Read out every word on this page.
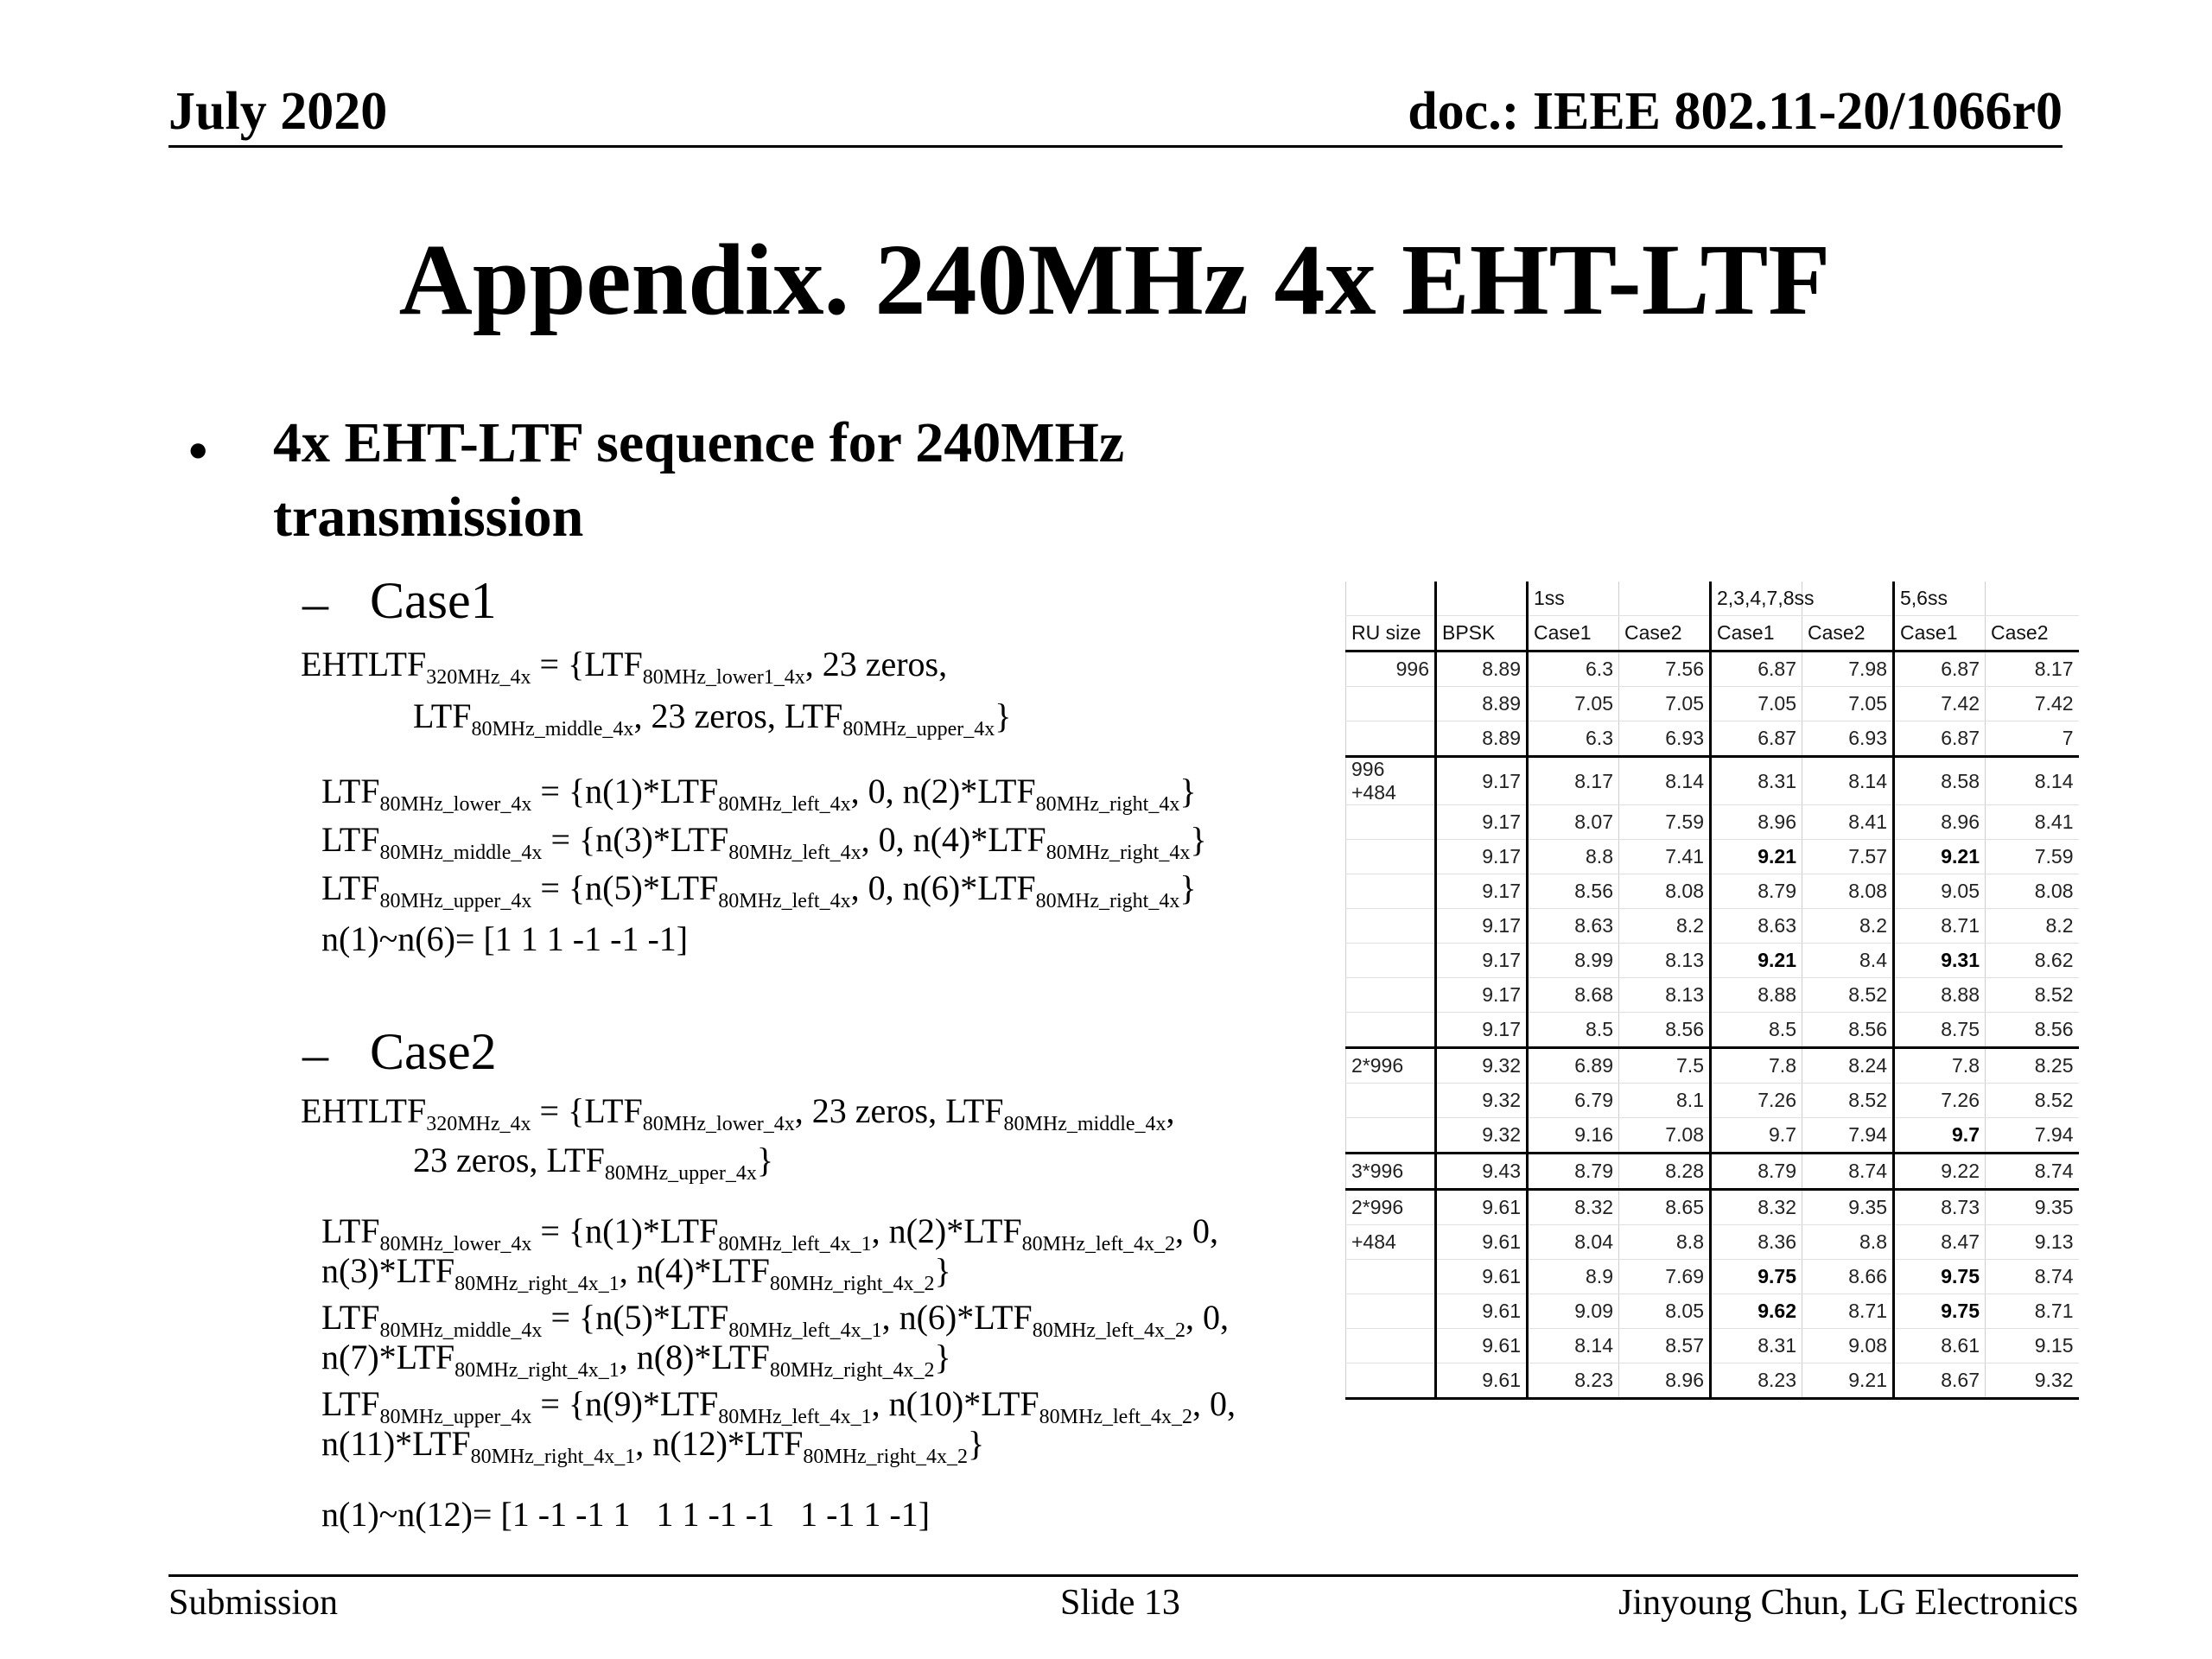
July 2020	doc.: IEEE 802.11-20/1066r0
Appendix. 240MHz 4x EHT-LTF
• 4x EHT-LTF sequence for 240MHz transmission
– Case1
$EHTLTF_{320MHz\_4x} = \{LTF_{80MHz\_lower1\_4x}$, 23 zeros,
$LTF_{80MHz\_middle\_4x}$, 23 zeros, $LTF_{80MHz\_upper\_4x}$}
$LTF_{80MHz\_lower\_4x} = \{n(1)*LTF_{80MHz\_left\_4x}$, 0, $n(2)*LTF_{80MHz\_right\_4x}$}
$LTF_{80MHz\_middle\_4x} = \{n(3)*LTF_{80MHz\_left\_4x}$, 0, $n(4)*LTF_{80MHz\_right\_4x}$}
$LTF_{80MHz\_upper\_4x} = \{n(5)*LTF_{80MHz\_left\_4x}$, 0, $n(6)*LTF_{80MHz\_right\_4x}$}
n(1)~n(6)= [1 1 1 -1 -1 -1]
– Case2
$EHTLTF_{320MHz\_4x} = \{LTF_{80MHz\_lower\_4x}$, 23 zeros, $LTF_{80MHz\_middle\_4x}$,
23 zeros, $LTF_{80MHz\_upper\_4x}$}
$LTF_{80MHz\_lower\_4x} = \{n(1)*LTF_{80MHz\_left\_4x\_1}$, $n(2)*LTF_{80MHz\_left\_4x\_2}$, 0,
$n(3)*LTF_{80MHz\_right\_4x\_1}$, $n(4)*LTF_{80MHz\_right\_4x\_2}$}
$LTF_{80MHz\_middle\_4x} = \{n(5)*LTF_{80MHz\_left\_4x\_1}$, $n(6)*LTF_{80MHz\_left\_4x\_2}$, 0,
$n(7)*LTF_{80MHz\_right\_4x\_1}$, $n(8)*LTF_{80MHz\_right\_4x\_2}$}
$LTF_{80MHz\_upper\_4x} = \{n(9)*LTF_{80MHz\_left\_4x\_1}$, $n(10)*LTF_{80MHz\_left\_4x\_2}$, 0,
$n(11)*LTF_{80MHz\_right\_4x\_1}$, $n(12)*LTF_{80MHz\_right\_4x\_2}$}
n(1)~n(12)= [1 -1 -1 1   1 1 -1 -1   1 -1 1 -1]
		1ss		2,3,4,7,8ss		5,6ss	
RU size	BPSK	Case1	Case2	Case1	Case2	Case1	Case2
996	8.89	6.3	7.56	6.87	7.98	6.87	8.17
	8.89	7.05	7.05	7.05	7.05	7.42	7.42
	8.89	6.3	6.93	6.87	6.93	6.87	7
996 +484	9.17	8.17	8.14	8.31	8.14	8.58	8.14
	9.17	8.07	7.59	8.96	8.41	8.96	8.41
	9.17	8.8	7.41	9.21	7.57	9.21	7.59
	9.17	8.56	8.08	8.79	8.08	9.05	8.08
	9.17	8.63	8.2	8.63	8.2	8.71	8.2
	9.17	8.99	8.13	9.21	8.4	9.31	8.62
	9.17	8.68	8.13	8.88	8.52	8.88	8.52
	9.17	8.5	8.56	8.5	8.56	8.75	8.56
2*996	9.32	6.89	7.5	7.8	8.24	7.8	8.25
	9.32	6.79	8.1	7.26	8.52	7.26	8.52
	9.32	9.16	7.08	9.7	7.94	9.7	7.94
3*996	9.43	8.79	8.28	8.79	8.74	9.22	8.74
2*996	9.61	8.32	8.65	8.32	9.35	8.73	9.35
+484	9.61	8.04	8.8	8.36	8.8	8.47	9.13
	9.61	8.9	7.69	9.75	8.66	9.75	8.74
	9.61	9.09	8.05	9.62	8.71	9.75	8.71
	9.61	8.14	8.57	8.31	9.08	8.61	9.15
	9.61	8.23	8.96	8.23	9.21	8.67	9.32
Submission	Slide 13	Jinyoung Chun, LG Electronics
